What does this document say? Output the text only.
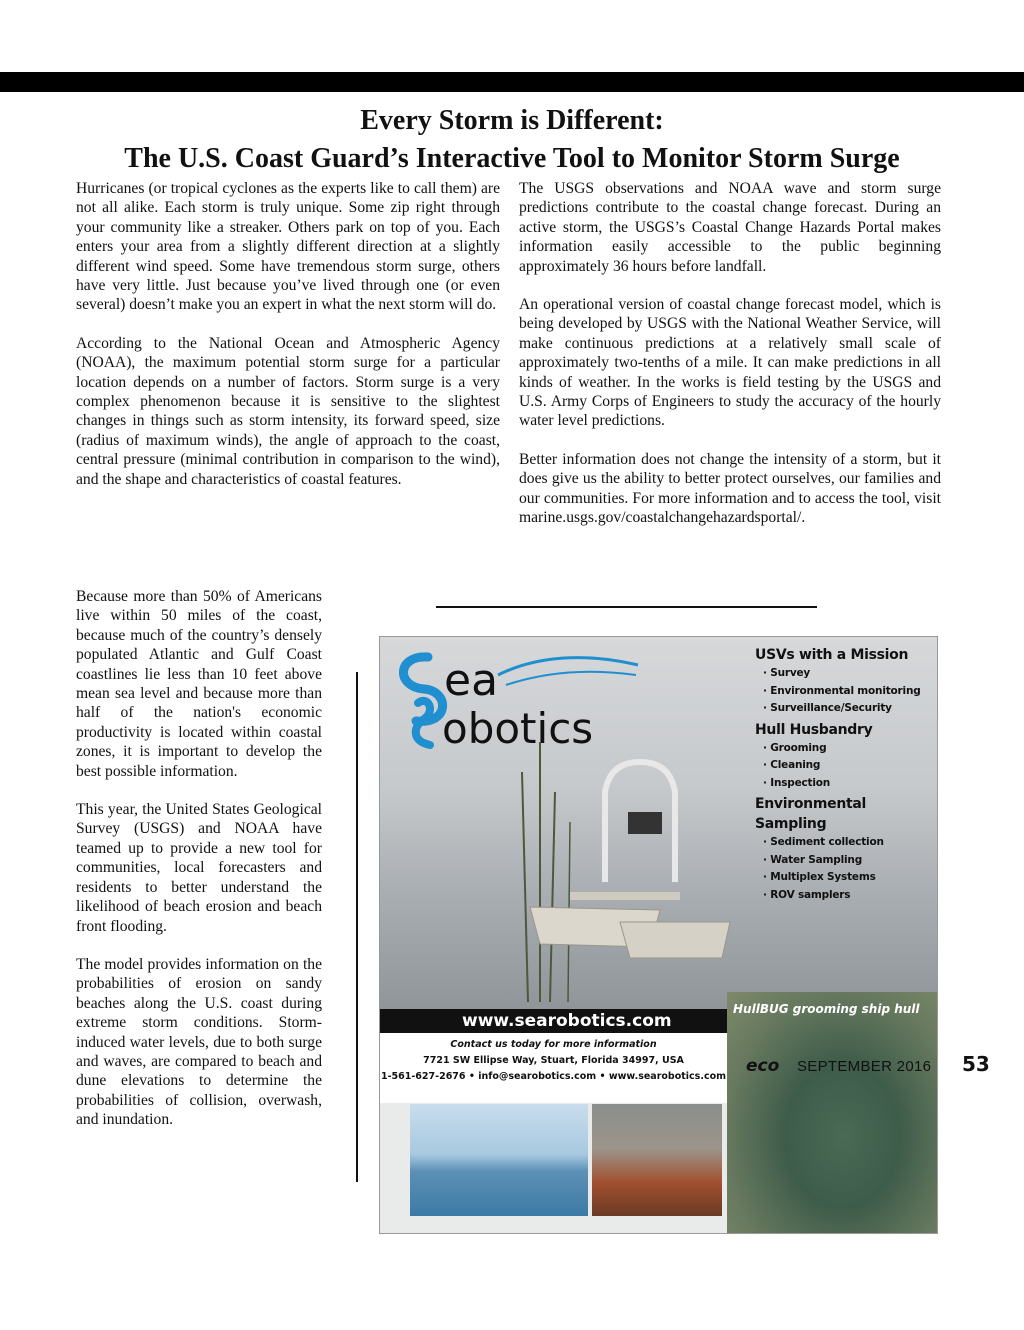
Every Storm is Different:
The U.S. Coast Guard’s Interactive Tool to Monitor Storm Surge

Hurricanes (or tropical cyclones as the experts like to call them) are not all alike. Each storm is truly unique. Some zip right through your community like a streaker. Others park on top of you. Each enters your area from a slightly different direction at a slightly different wind speed. Some have tremendous storm surge, others have very little. Just because you’ve lived through one (or even several) doesn’t make you an expert in what the next storm will do.

According to the National Ocean and Atmospheric Agency (NOAA), the maximum potential storm surge for a particular location depends on a number of factors. Storm surge is a very complex phenomenon because it is sensitive to the slightest changes in things such as storm intensity, its forward speed, size (radius of maximum winds), the angle of approach to the coast, central pressure (minimal contribution in comparison to the wind), and the shape and characteristics of coastal features.

The USGS observations and NOAA wave and storm surge predictions contribute to the coastal change forecast. During an active storm, the USGS’s Coastal Change Hazards Portal makes information easily accessible to the public beginning approximately 36 hours before landfall.

An operational version of coastal change forecast model, which is being developed by USGS with the National Weather Service, will make continuous predictions at a relatively small scale of approximately two-tenths of a mile. It can make predictions in all kinds of weather. In the works is field testing by the USGS and U.S. Army Corps of Engineers to study the accuracy of the hourly water level predictions.

Better information does not change the intensity of a storm, but it does give us the ability to better protect ourselves, our families and our communities. For more information and to access the tool, visit marine.usgs.gov/coastalchangehazardsportal/.

Because more than 50% of Americans live within 50 miles of the coast, because much of the country’s densely populated Atlantic and Gulf Coast coastlines lie less than 10 feet above mean sea level and because more than half of the nation's economic productivity is located within coastal zones, it is important to develop the best possible information.

This year, the United States Geological Survey (USGS) and NOAA have teamed up to provide a new tool for communities, local forecasters and residents to better understand the likelihood of beach erosion and beach front flooding.

The model provides information on the probabilities of erosion on sandy beaches along the U.S. coast during extreme storm conditions. Storm-induced water levels, due to both surge and waves, are compared to beach and dune elevations to determine the probabilities of collision, overwash, and inundation.

ea
obotics
USVs with a Mission
· Survey
· Environmental monitoring
· Surveillance/Security
Hull Husbandry
· Grooming
· Cleaning
· Inspection
Environmental Sampling
· Sediment collection
· Water Sampling
· Multiplex Systems
· ROV samplers
www.searobotics.com
HullBUG grooming ship hull
Contact us today for more information
7721 SW Ellipse Way, Stuart, Florida 34997, USA
1-561-627-2676 • info@searobotics.com • www.searobotics.com
eco SEPTEMBER 2016 53
